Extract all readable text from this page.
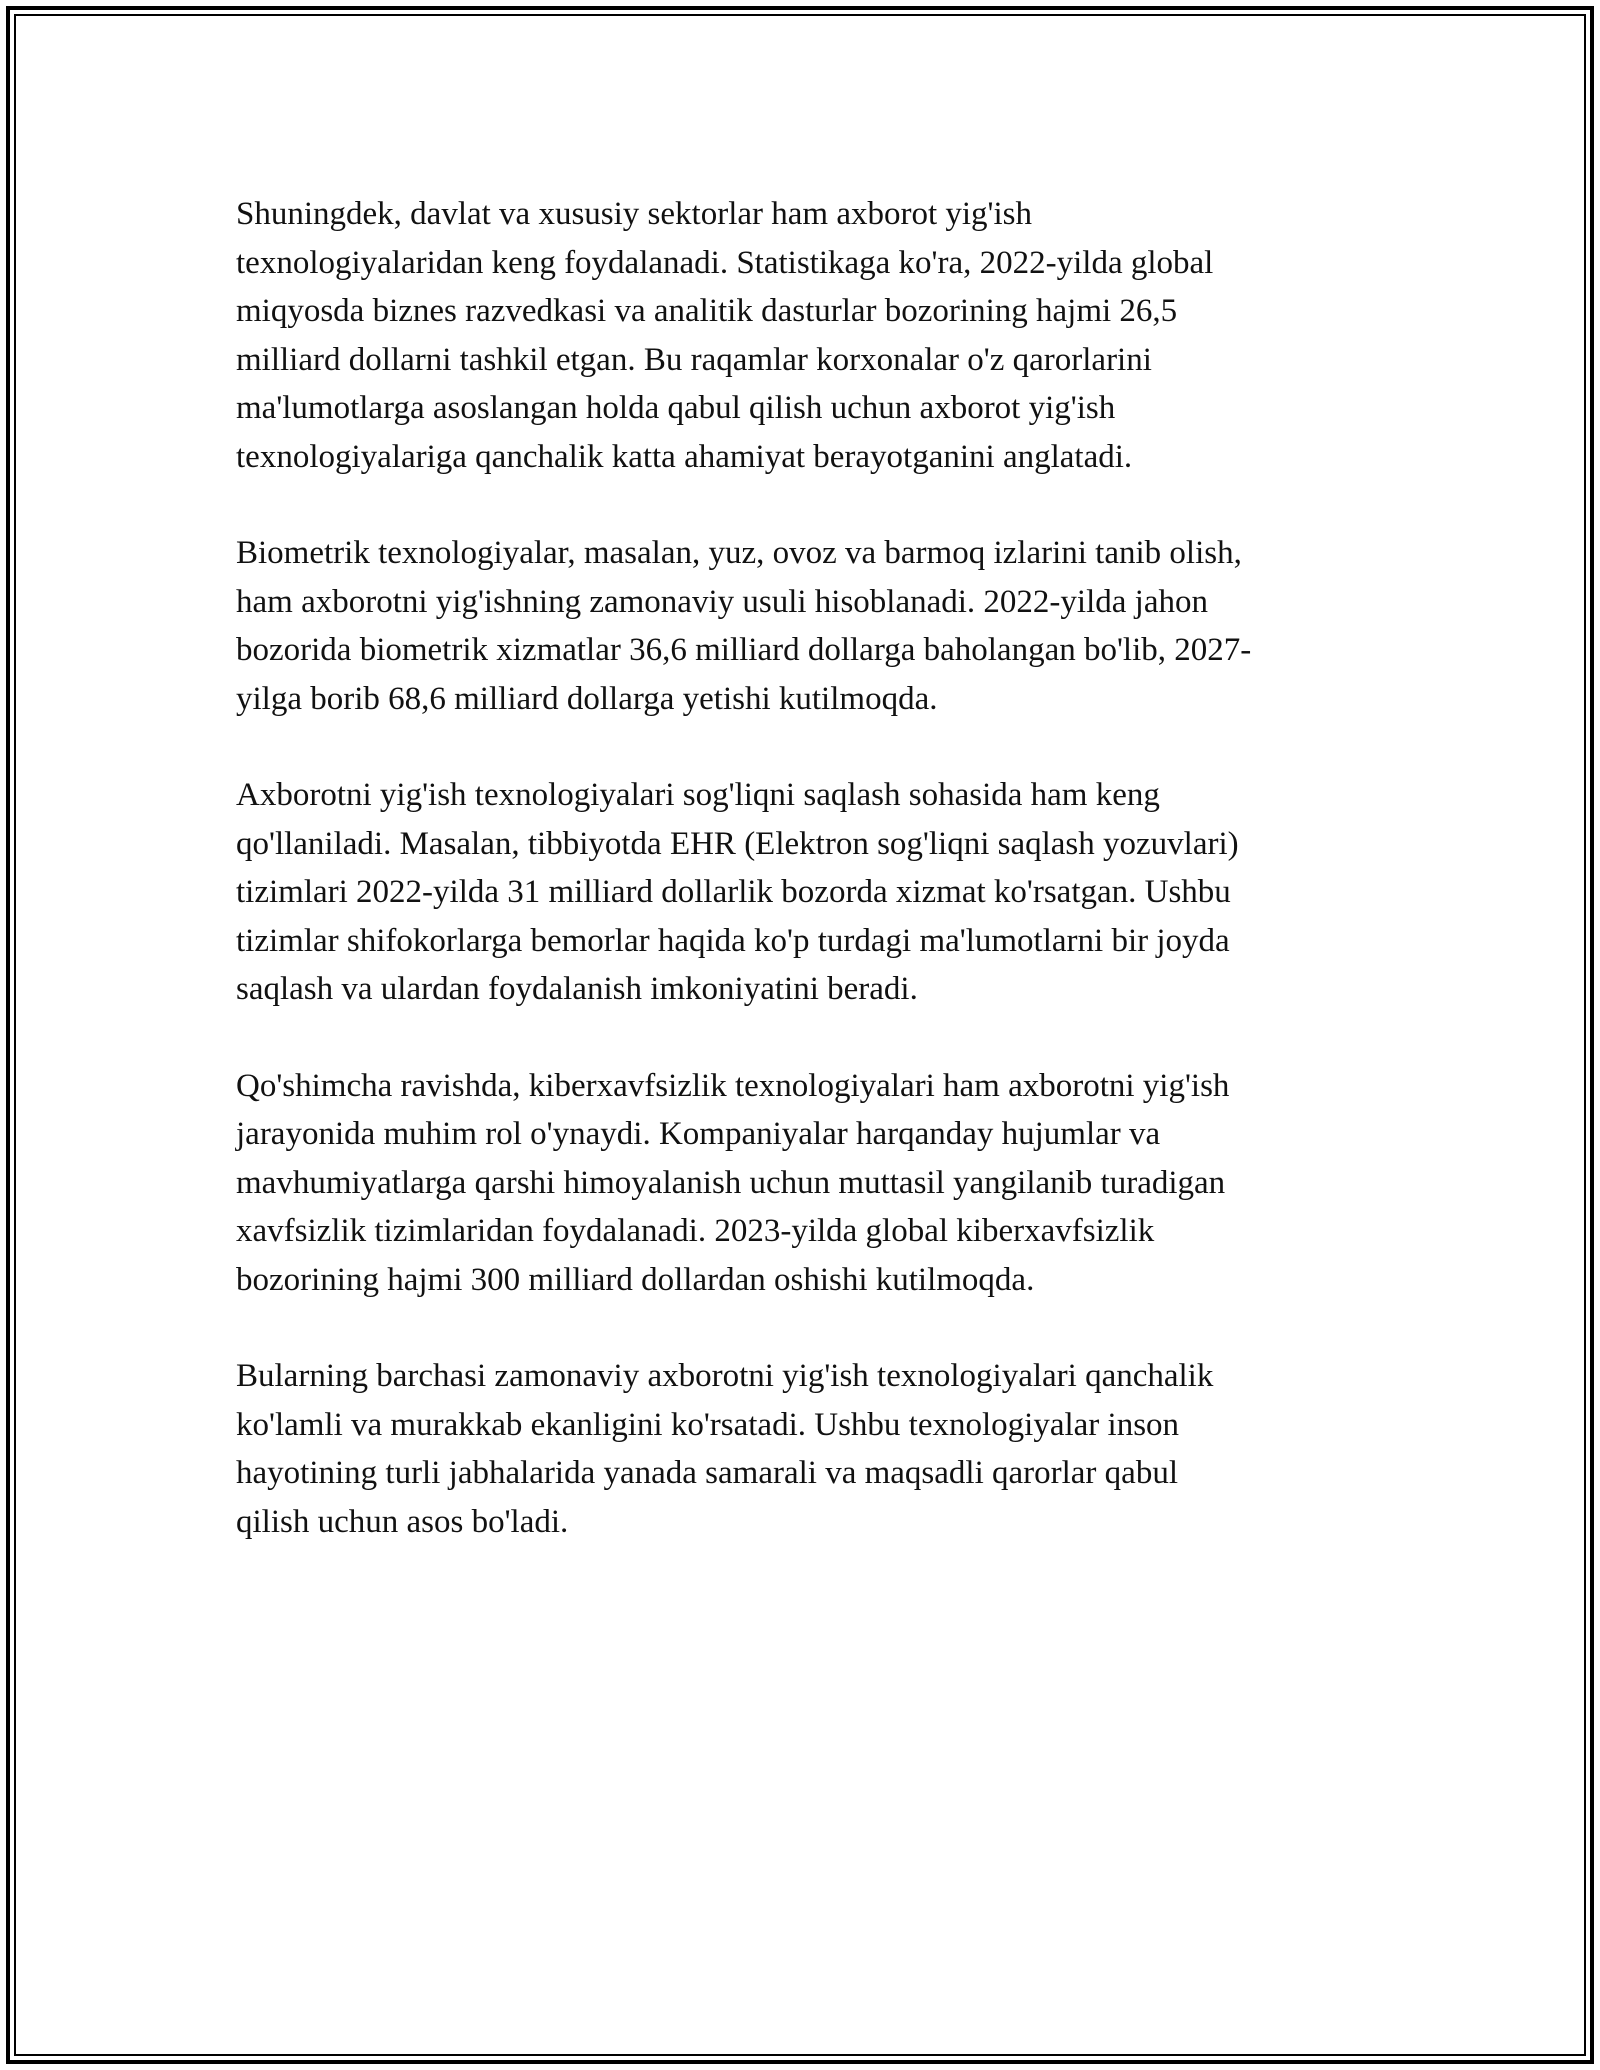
Shuningdek, davlat va xususiy sektorlar ham axborot yig'ish
texnologiyalaridan keng foydalanadi. Statistikaga ko'ra, 2022-yilda global
miqyosda biznes razvedkasi va analitik dasturlar bozorining hajmi 26,5
milliard dollarni tashkil etgan. Bu raqamlar korxonalar o'z qarorlarini
ma'lumotlarga asoslangan holda qabul qilish uchun axborot yig'ish
texnologiyalariga qanchalik katta ahamiyat berayotganini anglatadi.

Biometrik texnologiyalar, masalan, yuz, ovoz va barmoq izlarini tanib olish,
ham axborotni yig'ishning zamonaviy usuli hisoblanadi. 2022-yilda jahon
bozorida biometrik xizmatlar 36,6 milliard dollarga baholangan bo'lib, 2027-
yilga borib 68,6 milliard dollarga yetishi kutilmoqda.

Axborotni yig'ish texnologiyalari sog'liqni saqlash sohasida ham keng
qo'llaniladi. Masalan, tibbiyotda EHR (Elektron sog'liqni saqlash yozuvlari)
tizimlari 2022-yilda 31 milliard dollarlik bozorda xizmat ko'rsatgan. Ushbu
tizimlar shifokorlarga bemorlar haqida ko'p turdagi ma'lumotlarni bir joyda
saqlash va ulardan foydalanish imkoniyatini beradi.

Qo'shimcha ravishda, kiberxavfsizlik texnologiyalari ham axborotni yig'ish
jarayonida muhim rol o'ynaydi. Kompaniyalar harqanday hujumlar va
mavhumiyatlarga qarshi himoyalanish uchun muttasil yangilanib turadigan
xavfsizlik tizimlaridan foydalanadi. 2023-yilda global kiberxavfsizlik
bozorining hajmi 300 milliard dollardan oshishi kutilmoqda.

Bularning barchasi zamonaviy axborotni yig'ish texnologiyalari qanchalik
ko'lamli va murakkab ekanligini ko'rsatadi. Ushbu texnologiyalar inson
hayotining turli jabhalarida yanada samarali va maqsadli qarorlar qabul
qilish uchun asos bo'ladi.
